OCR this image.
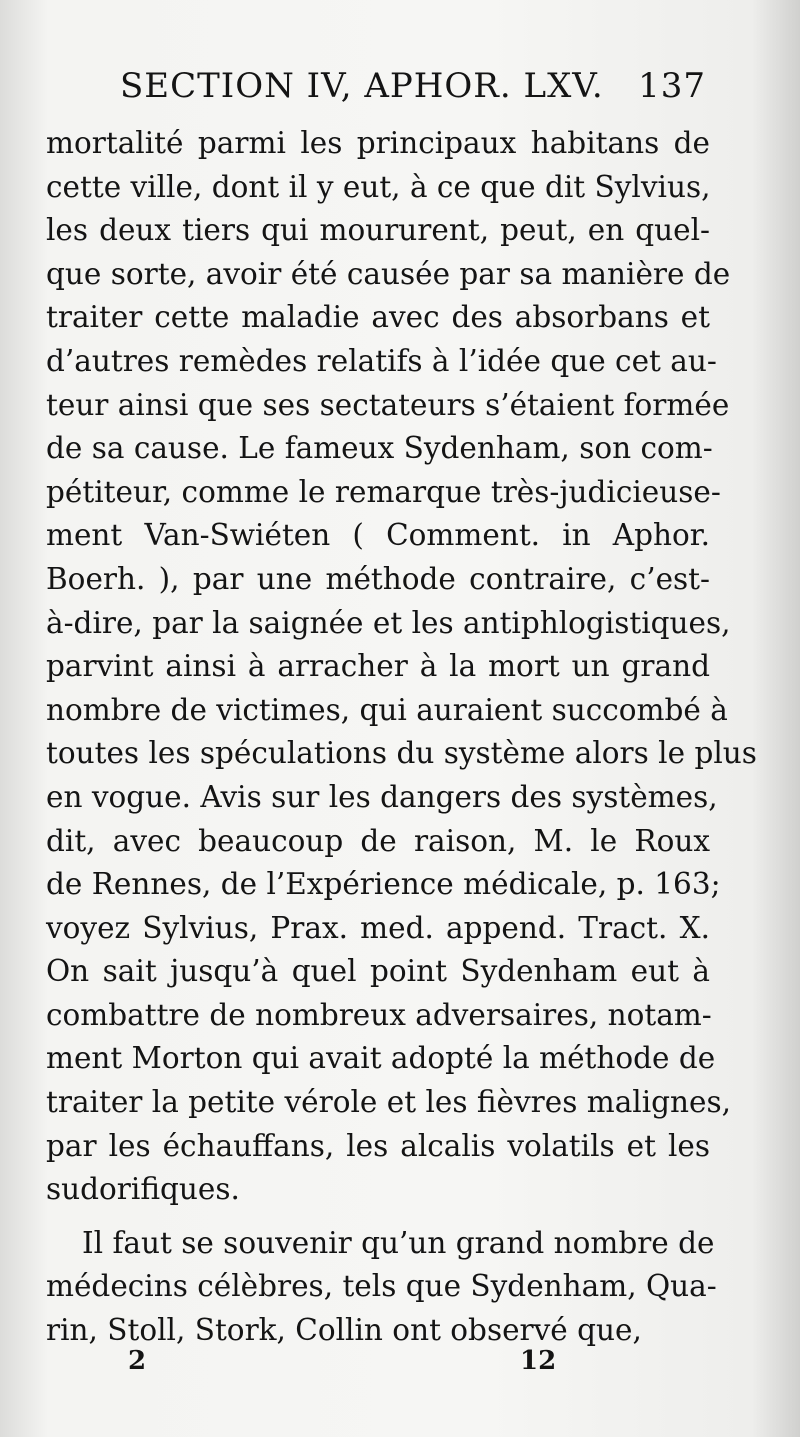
SECTION IV, APHOR. LXV. 137
mortalité parmi les principaux habitans de
cette ville, dont il y eut, à ce que dit Sylvius,
les deux tiers qui moururent, peut, en quel-
que sorte, avoir été causée par sa manière de
traiter cette maladie avec des absorbans et
d’autres remèdes relatifs à l’idée que cet au-
teur ainsi que ses sectateurs s’étaient formée
de sa cause. Le fameux Sydenham, son com-
pétiteur, comme le remarque très-judicieuse-
ment Van-Swiéten ( Comment. in Aphor.
Boerh. ), par une méthode contraire, c’est-
à-dire, par la saignée et les antiphlogistiques,
parvint ainsi à arracher à la mort un grand
nombre de victimes, qui auraient succombé à
toutes les spéculations du système alors le plus
en vogue. Avis sur les dangers des systèmes,
dit, avec beaucoup de raison, M. le Roux
de Rennes, de l’Expérience médicale, p. 163;
voyez Sylvius, Prax. med. append. Tract. X.
On sait jusqu’à quel point Sydenham eut à
combattre de nombreux adversaires, notam-
ment Morton qui avait adopté la méthode de
traiter la petite vérole et les fièvres malignes,
par les échauffans, les alcalis volatils et les
sudorifiques.
Il faut se souvenir qu’un grand nombre de
médecins célèbres, tels que Sydenham, Qua-
rin, Stoll, Stork, Collin ont observé que,
2	12
